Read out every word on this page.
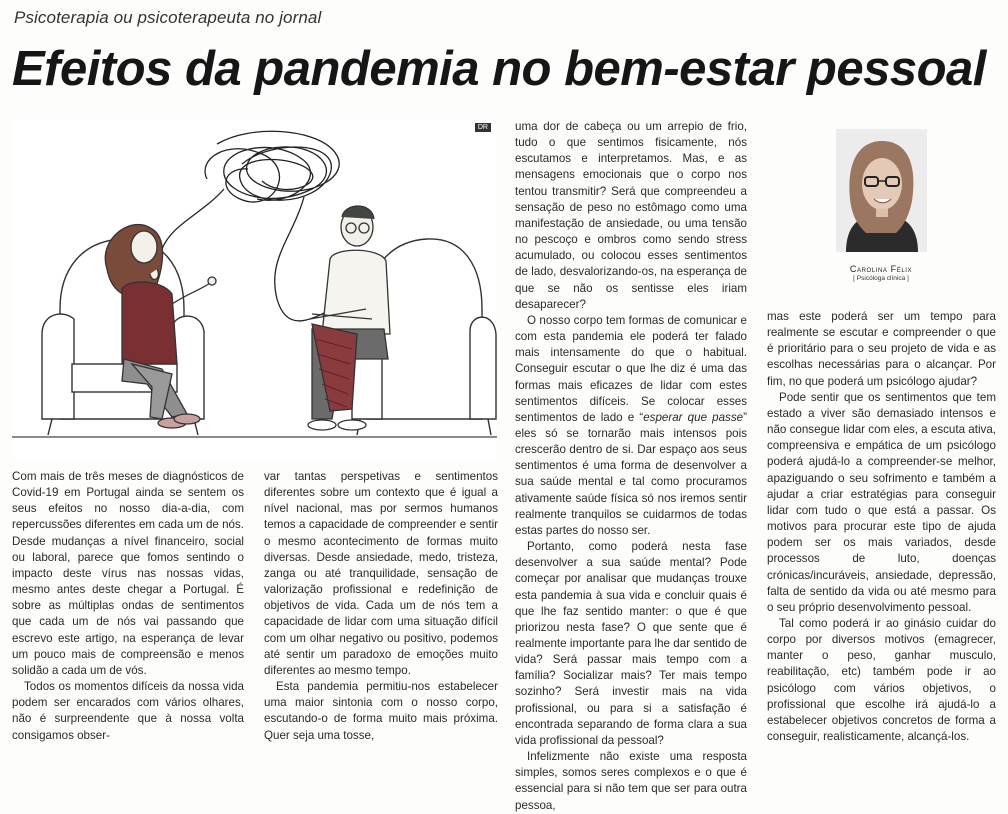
Psicoterapia ou psicoterapeuta no jornal
Efeitos da pandemia no bem-estar pessoal
DR

Com mais de três meses de diagnósticos de Covid-19 em Portugal ainda se sentem os seus efeitos no nosso dia-a-dia, com repercussões diferentes em cada um de nós. Desde mudanças a nível financeiro, social ou laboral, parece que fomos sentindo o impacto deste vírus nas nossas vidas, mesmo antes deste chegar a Portugal. É sobre as múltiplas ondas de sentimentos que cada um de nós vai passando que escrevo este artigo, na esperança de levar um pouco mais de compreensão e menos solidão a cada um de vós.

Todos os momentos difíceis da nossa vida podem ser encarados com vários olhares, não é surpreendente que à nossa volta consigamos obser-

var tantas perspetivas e sentimentos diferentes sobre um contexto que é igual a nível nacional, mas por sermos humanos temos a capacidade de compreender e sentir o mesmo acontecimento de formas muito diversas. Desde ansiedade, medo, tristeza, zanga ou até tranquilidade, sensação de valorização profissional e redefinição de objetivos de vida. Cada um de nós tem a capacidade de lidar com uma situação difícil com um olhar negativo ou positivo, podemos até sentir um paradoxo de emoções muito diferentes ao mesmo tempo.

Esta pandemia permitiu-nos estabelecer uma maior sintonia com o nosso corpo, escutando-o de forma muito mais próxima. Quer seja uma tosse,

uma dor de cabeça ou um arrepio de frio, tudo o que sentimos fisicamente, nós escutamos e interpretamos. Mas, e as mensagens emocionais que o corpo nos tentou transmitir? Será que compreendeu a sensação de peso no estômago como uma manifestação de ansiedade, ou uma tensão no pescoço e ombros como sendo stress acumulado, ou colocou esses sentimentos de lado, desvalorizando-os, na esperança de que se não os sentisse eles iriam desaparecer?

O nosso corpo tem formas de comunicar e com esta pandemia ele poderá ter falado mais intensamente do que o habitual. Conseguir escutar o que lhe diz é uma das formas mais eficazes de lidar com estes sentimentos difíceis. Se colocar esses sentimentos de lado e “esperar que passe” eles só se tornarão mais intensos pois crescerão dentro de si. Dar espaço aos seus sentimentos é uma forma de desenvolver a sua saúde mental e tal como procuramos ativamente saúde física só nos iremos sentir realmente tranquilos se cuidarmos de todas estas partes do nosso ser.

Portanto, como poderá nesta fase desenvolver a sua saúde mental? Pode começar por analisar que mudanças trouxe esta pandemia à sua vida e concluir quais é que lhe faz sentido manter: o que é que priorizou nesta fase? O que sente que é realmente importante para lhe dar sentido de vida? Será passar mais tempo com a família? Socializar mais? Ter mais tempo sozinho? Será investir mais na vida profissional, ou para si a satisfação é encontrada separando de forma clara a sua vida profissional da pessoal?

Infelizmente não existe uma resposta simples, somos seres complexos e o que é essencial para si não tem que ser para outra pessoa,

Carolina Félix
[ Psicóloga clínica ]

mas este poderá ser um tempo para realmente se escutar e compreender o que é prioritário para o seu projeto de vida e as escolhas necessárias para o alcançar. Por fim, no que poderá um psicólogo ajudar?

Pode sentir que os sentimentos que tem estado a viver são demasiado intensos e não consegue lidar com eles, a escuta ativa, compreensiva e empática de um psicólogo poderá ajudá-lo a compreender-se melhor, apaziguando o seu sofrimento e também a ajudar a criar estratégias para conseguir lidar com tudo o que está a passar. Os motivos para procurar este tipo de ajuda podem ser os mais variados, desde processos de luto, doenças crónicas/incuráveis, ansiedade, depressão, falta de sentido da vida ou até mesmo para o seu próprio desenvolvimento pessoal.

Tal como poderá ir ao ginásio cuidar do corpo por diversos motivos (emagrecer, manter o peso, ganhar musculo, reabilitação, etc) também pode ir ao psicólogo com vários objetivos, o profissional que escolhe irá ajudá-lo a estabelecer objetivos concretos de forma a conseguir, realisticamente, alcançá-los.
